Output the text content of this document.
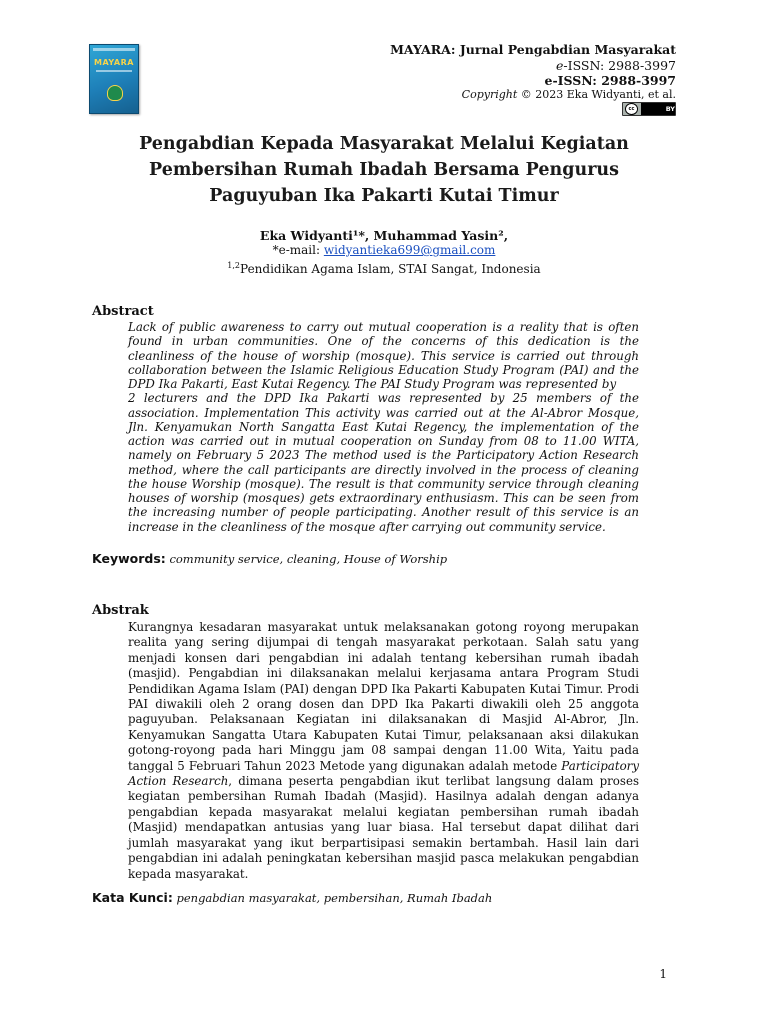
MAYARA
MAYARA: Jurnal Pengabdian Masyarakat
e-ISSN: 2988-3997
e-ISSN: 2988-3997
Copyright © 2023 Eka Widyanti, et al.
cc	BY
Pengabdian Kepada Masyarakat Melalui Kegiatan
Pembersihan Rumah Ibadah Bersama Pengurus
Paguyuban Ika Pakarti Kutai Timur
Eka Widyanti¹*, Muhammad Yasin²,
*e-mail: widyantieka699@gmail.com
$^{1,2}$Pendidikan Agama Islam, STAI Sangat, Indonesia
Abstract

Lack of public awareness to carry out mutual cooperation is a reality that is often found in urban communities. One of the concerns of this dedication is the cleanliness of the house of worship (mosque). This service is carried out through collaboration between the Islamic Religious Education Study Program (PAI) and the DPD Ika Pakarti, East Kutai Regency. The PAI Study Program was represented by

2 lecturers and the DPD Ika Pakarti was represented by 25 members of the association. Implementation This activity was carried out at the Al-Abror Mosque, Jln. Kenyamukan North Sangatta East Kutai Regency, the implementation of the action was carried out in mutual cooperation on Sunday from 08 to 11.00 WITA, namely on February 5 2023 The method used is the Participatory Action Research method, where the call participants are directly involved in the process of cleaning the house Worship (mosque). The result is that community service through cleaning houses of worship (mosques) gets extraordinary enthusiasm. This can be seen from the increasing number of people participating. Another result of this service is an increase in the cleanliness of the mosque after carrying out community service.

Keywords: community service, cleaning, House of Worship
Abstrak

Kurangnya kesadaran masyarakat untuk melaksanakan gotong royong merupakan realita yang sering dijumpai di tengah masyarakat perkotaan. Salah satu yang menjadi konsen dari pengabdian ini adalah tentang kebersihan rumah ibadah (masjid). Pengabdian ini dilaksanakan melalui kerjasama antara Program Studi Pendidikan Agama Islam (PAI) dengan DPD Ika Pakarti Kabupaten Kutai Timur. Prodi PAI diwakili oleh 2 orang dosen dan DPD Ika Pakarti diwakili oleh 25 anggota paguyuban. Pelaksanaan Kegiatan ini dilaksanakan di Masjid Al-Abror, Jln. Kenyamukan Sangatta Utara Kabupaten Kutai Timur, pelaksanaan aksi dilakukan gotong-royong pada hari Minggu jam 08 sampai dengan 11.00 Wita, Yaitu pada tanggal 5 Februari Tahun 2023 Metode yang digunakan adalah metode Participatory Action Research, dimana peserta pengabdian ikut terlibat langsung dalam proses kegiatan pembersihan Rumah Ibadah (Masjid). Hasilnya adalah dengan adanya pengabdian kepada masyarakat melalui kegiatan pembersihan rumah ibadah (Masjid) mendapatkan antusias yang luar biasa. Hal tersebut dapat dilihat dari jumlah masyarakat yang ikut berpartisipasi semakin bertambah. Hasil lain dari pengabdian ini adalah peningkatan kebersihan masjid pasca melakukan pengabdian kepada masyarakat.

Kata Kunci: pengabdian masyarakat, pembersihan, Rumah Ibadah
1
